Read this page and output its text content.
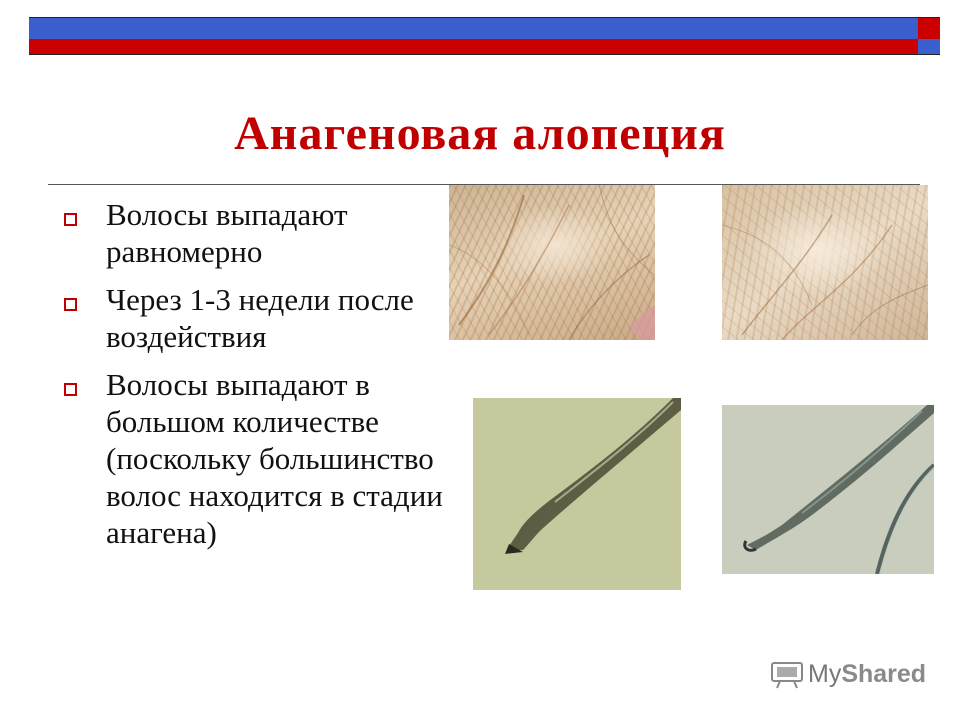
Анагеновая алопеция
Волосы выпадают равномерно
Через 1-3 недели после воздействия
Волосы выпадают в большом количестве (поскольку большинство волос находится в стадии анагена)
MyShared
